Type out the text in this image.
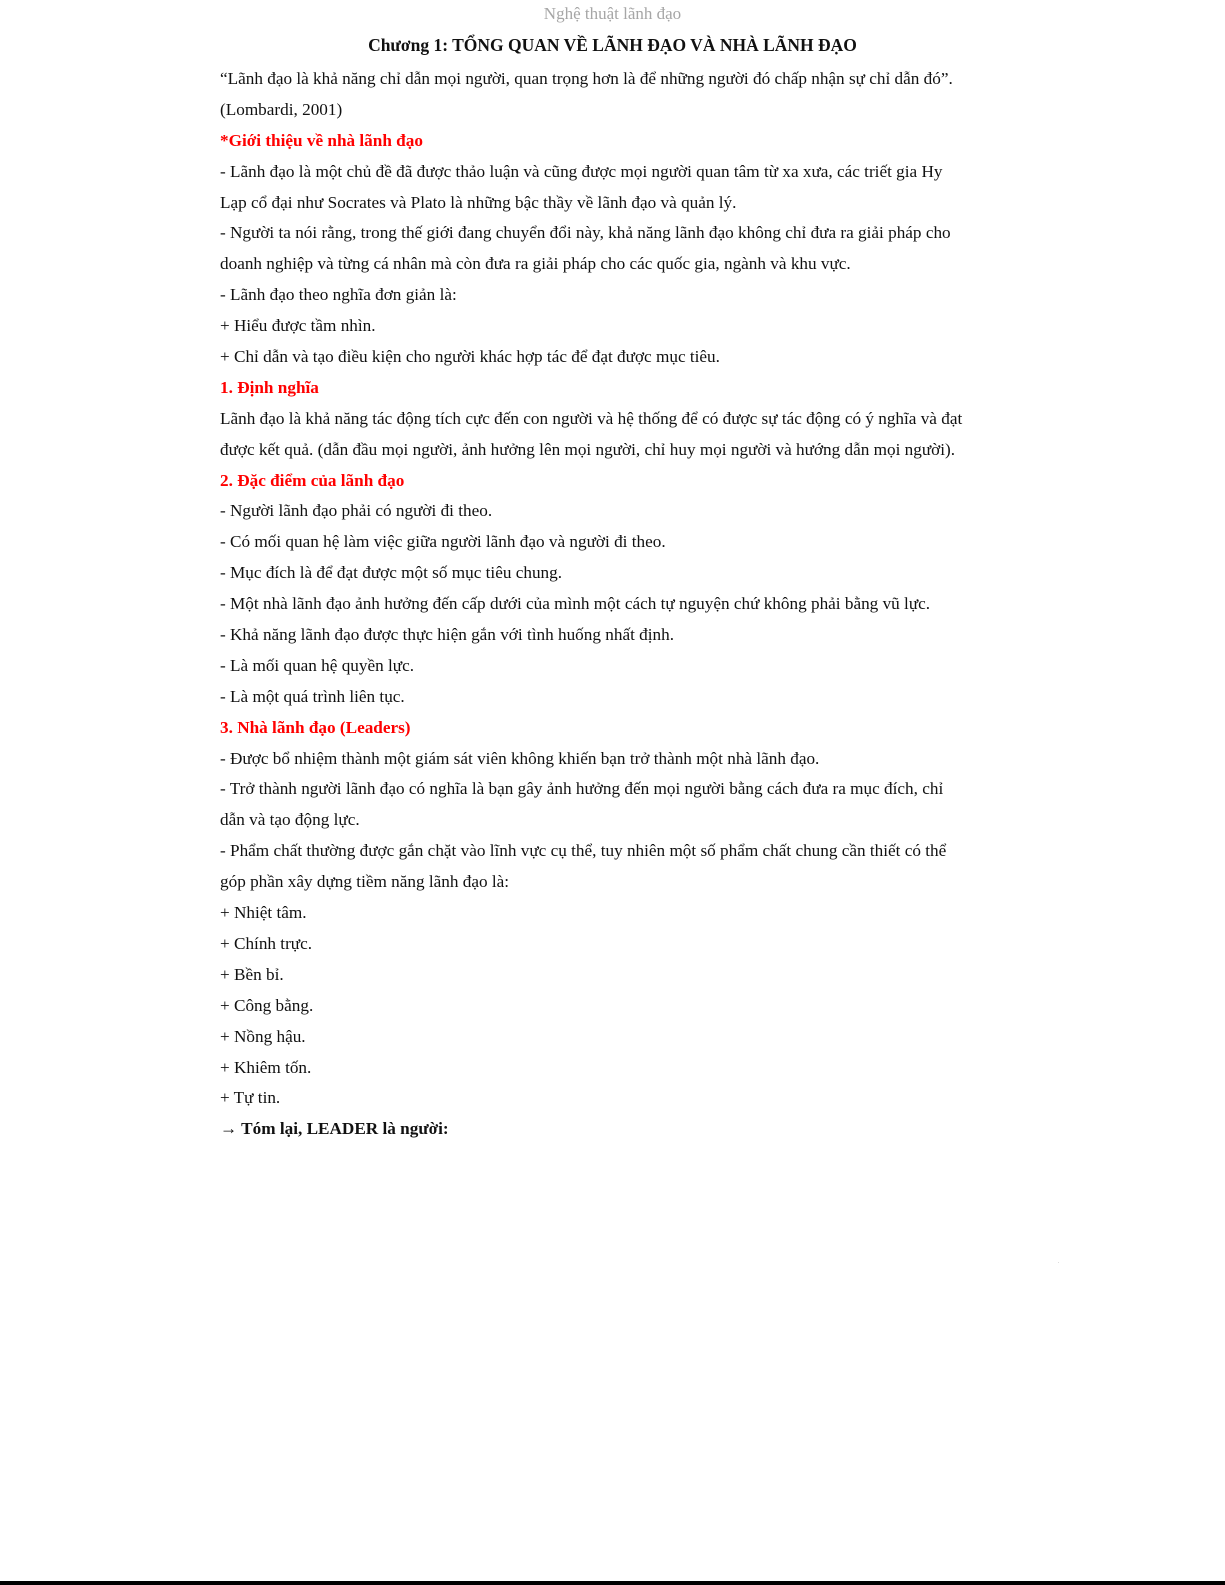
Nghệ thuật lãnh đạo
Chương 1: TỔNG QUAN VỀ LÃNH ĐẠO VÀ NHÀ LÃNH ĐẠO
“Lãnh đạo là khả năng chỉ dẫn mọi người, quan trọng hơn là để những người đó chấp nhận sự chỉ dẫn đó”.
(Lombardi, 2001)
*Giới thiệu về nhà lãnh đạo
- Lãnh đạo là một chủ đề đã được thảo luận và cũng được mọi người quan tâm từ xa xưa, các triết gia Hy
Lạp cổ đại như Socrates và Plato là những bậc thầy về lãnh đạo và quản lý.
- Người ta nói rằng, trong thế giới đang chuyển đổi này, khả năng lãnh đạo không chỉ đưa ra giải pháp cho
doanh nghiệp và từng cá nhân mà còn đưa ra giải pháp cho các quốc gia, ngành và khu vực.
- Lãnh đạo theo nghĩa đơn giản là:
+ Hiểu được tầm nhìn.
+ Chỉ dẫn và tạo điều kiện cho người khác hợp tác để đạt được mục tiêu.
1. Định nghĩa
Lãnh đạo là khả năng tác động tích cực đến con người và hệ thống để có được sự tác động có ý nghĩa và đạt
được kết quả. (dẫn đầu mọi người, ảnh hưởng lên mọi người, chỉ huy mọi người và hướng dẫn mọi người).
2. Đặc điểm của lãnh đạo
- Người lãnh đạo phải có người đi theo.
- Có mối quan hệ làm việc giữa người lãnh đạo và người đi theo.
- Mục đích là để đạt được một số mục tiêu chung.
- Một nhà lãnh đạo ảnh hưởng đến cấp dưới của mình một cách tự nguyện chứ không phải bằng vũ lực.
- Khả năng lãnh đạo được thực hiện gắn với tình huống nhất định.
- Là mối quan hệ quyền lực.
- Là một quá trình liên tục.
3. Nhà lãnh đạo (Leaders)
- Được bổ nhiệm thành một giám sát viên không khiến bạn trở thành một nhà lãnh đạo.
- Trở thành người lãnh đạo có nghĩa là bạn gây ảnh hưởng đến mọi người bằng cách đưa ra mục đích, chỉ
dẫn và tạo động lực.
- Phẩm chất thường được gắn chặt vào lĩnh vực cụ thể, tuy nhiên một số phẩm chất chung cần thiết có thể
góp phần xây dựng tiềm năng lãnh đạo là:
+ Nhiệt tâm.
+ Chính trực.
+ Bền bỉ.
+ Công bằng.
+ Nồng hậu.
+ Khiêm tốn.
+ Tự tin.
→ Tóm lại, LEADER là người:
